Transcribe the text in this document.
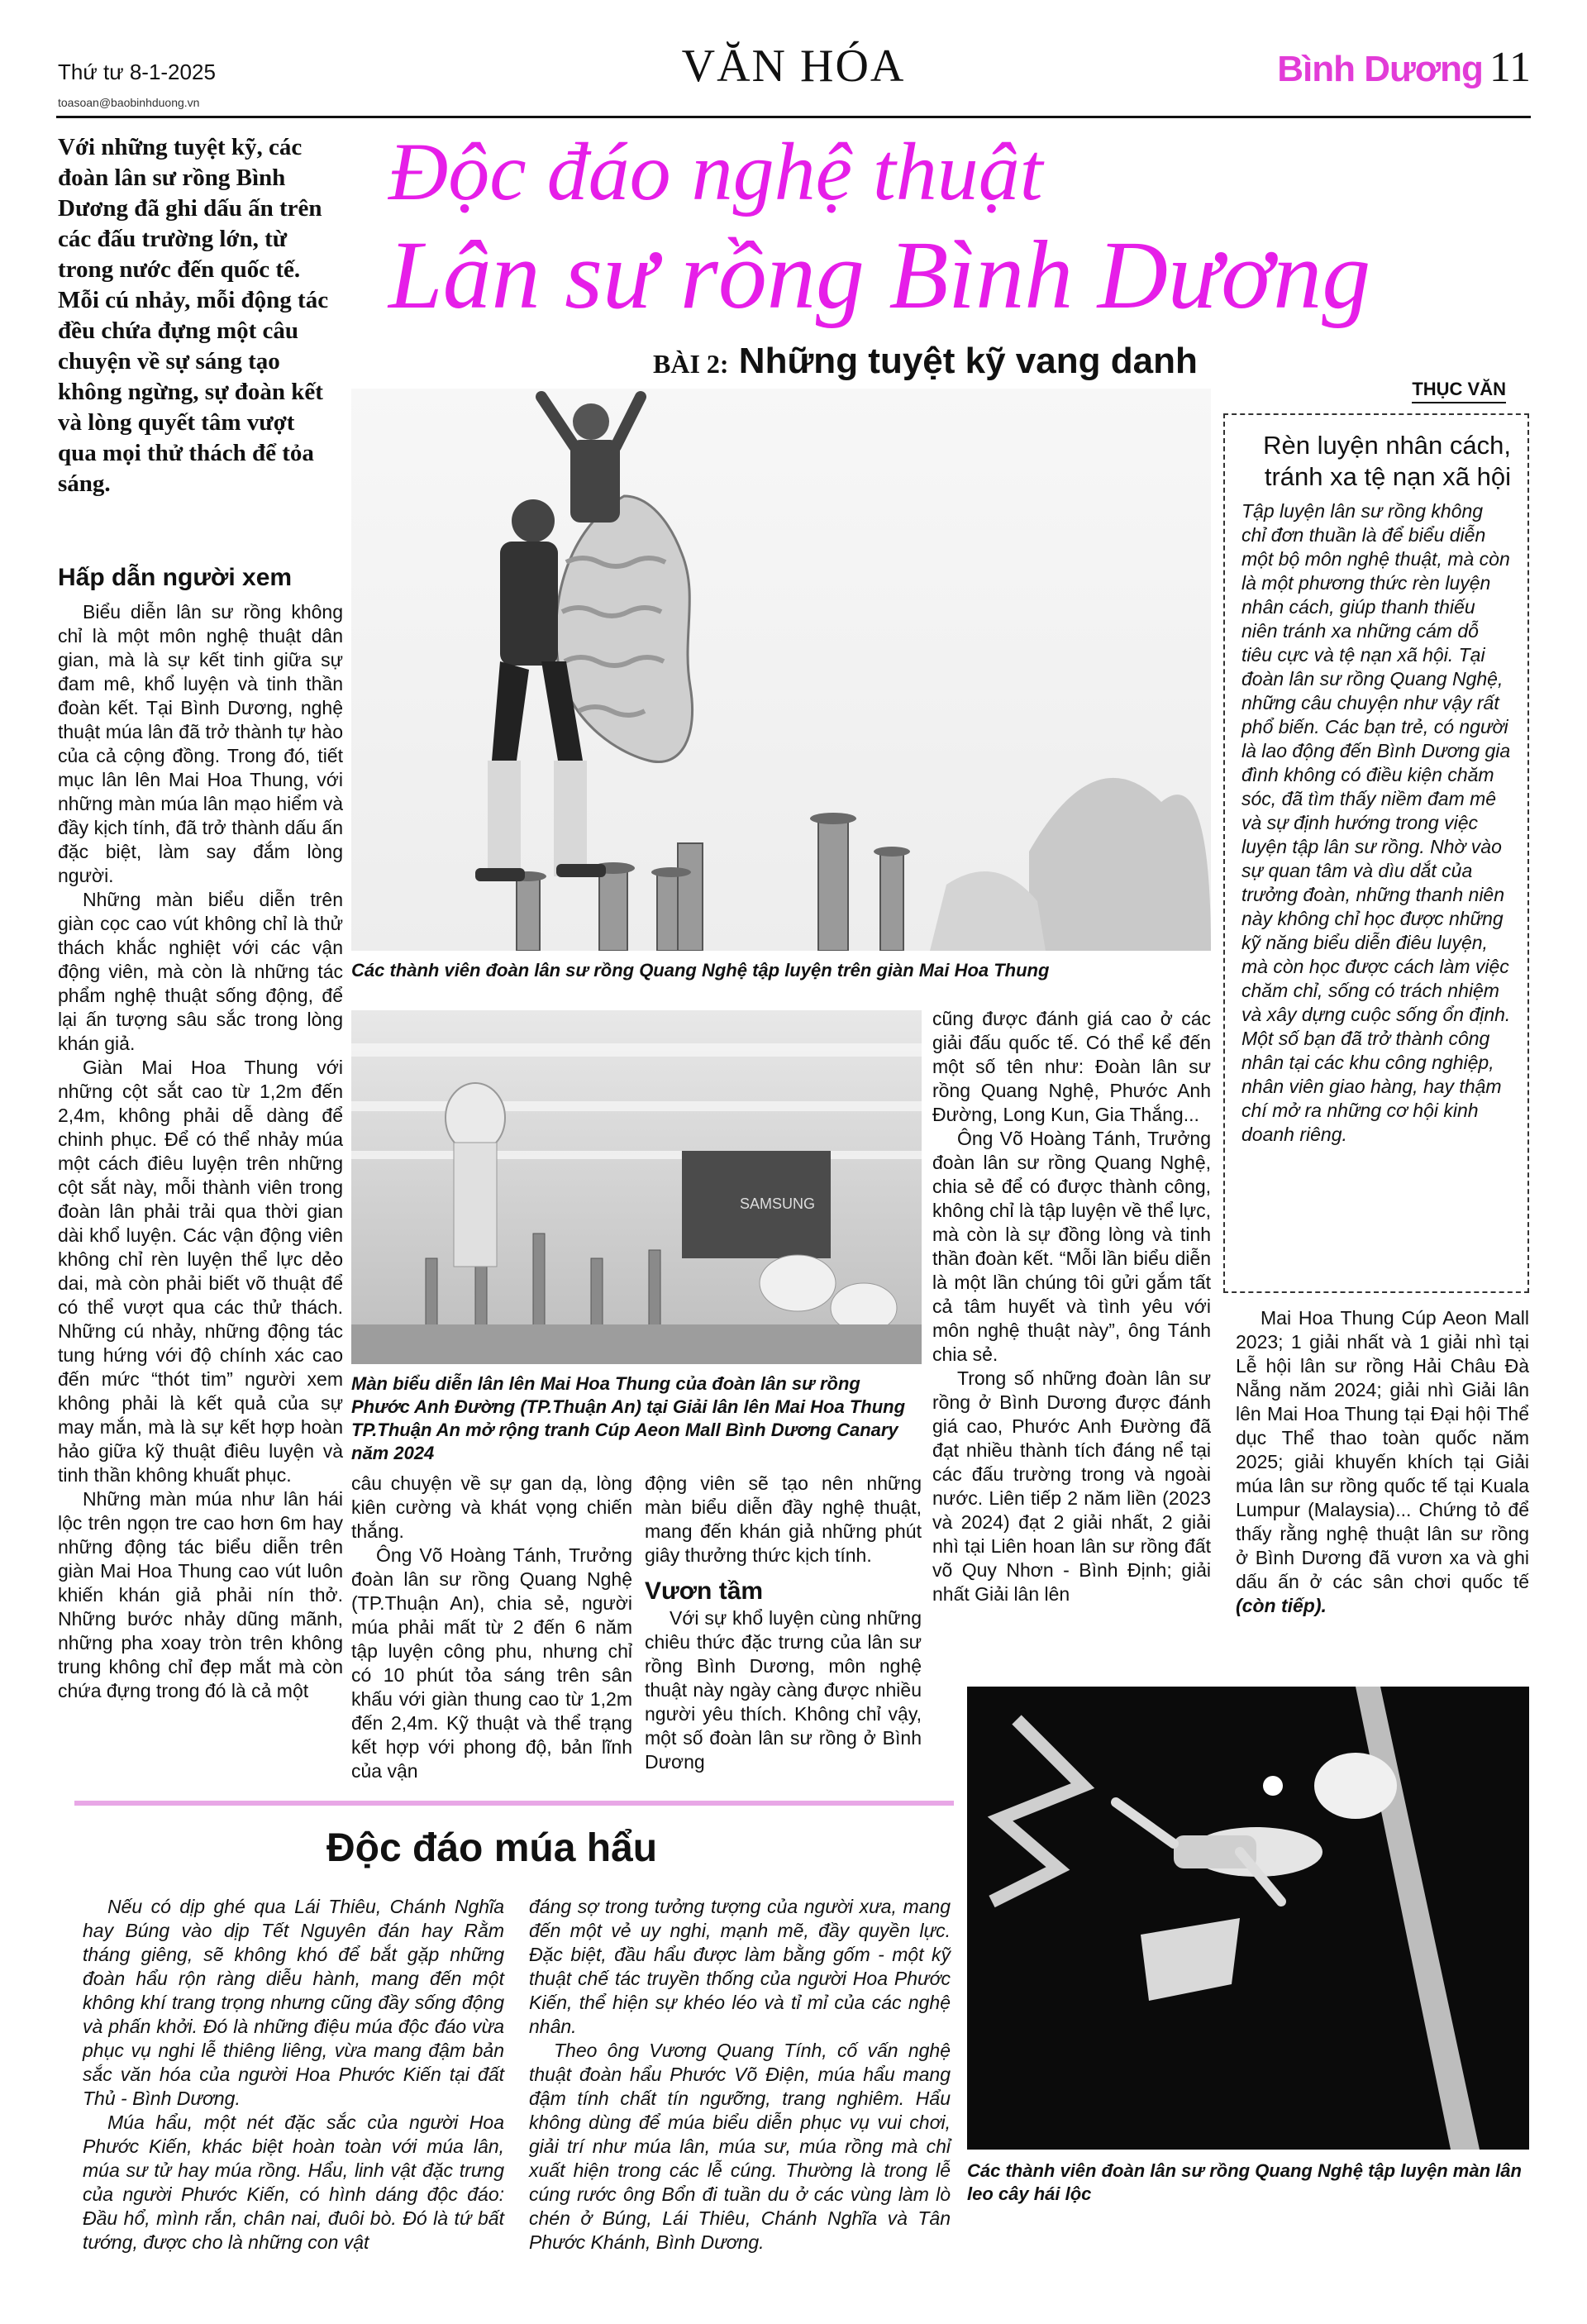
Thứ tư 8-1-2025
toasoan@baobinhduong.vn
VĂN HÓA	Bình Dương 11
Với những tuyệt kỹ, các đoàn lân sư rồng Bình Dương đã ghi dấu ấn trên các đấu trường lớn, từ trong nước đến quốc tế. Mỗi cú nhảy, mỗi động tác đều chứa đựng một câu chuyện về sự sáng tạo không ngừng, sự đoàn kết và lòng quyết tâm vượt qua mọi thử thách để tỏa sáng.
Độc đáo nghệ thuật
Lân sư rồng Bình Dương
BÀI 2: Những tuyệt kỹ vang danh
THỤC VĂN
Các thành viên đoàn lân sư rồng Quang Nghệ tập luyện trên giàn Mai Hoa Thung
Hấp dẫn người xem

Biểu diễn lân sư rồng không chỉ là một môn nghệ thuật dân gian, mà là sự kết tinh giữa sự đam mê, khổ luyện và tinh thần đoàn kết. Tại Bình Dương, nghệ thuật múa lân đã trở thành tự hào của cả cộng đồng. Trong đó, tiết mục lân lên Mai Hoa Thung, với những màn múa lân mạo hiểm và đầy kịch tính, đã trở thành dấu ấn đặc biệt, làm say đắm lòng người.

Những màn biểu diễn trên giàn cọc cao vút không chỉ là thử thách khắc nghiệt với các vận động viên, mà còn là những tác phẩm nghệ thuật sống động, để lại ấn tượng sâu sắc trong lòng khán giả.

Giàn Mai Hoa Thung với những cột sắt cao từ 1,2m đến 2,4m, không phải dễ dàng để chinh phục. Để có thể nhảy múa một cách điêu luyện trên những cột sắt này, mỗi thành viên trong đoàn lân phải trải qua thời gian dài khổ luyện. Các vận động viên không chỉ rèn luyện thể lực dẻo dai, mà còn phải biết võ thuật để có thể vượt qua các thử thách. Những cú nhảy, những động tác tung hứng với độ chính xác cao đến mức “thót tim” người xem không phải là kết quả của sự may mắn, mà là sự kết hợp hoàn hảo giữa kỹ thuật điêu luyện và tinh thần không khuất phục.

Những màn múa như lân hái lộc trên ngọn tre cao hơn 6m hay những động tác biểu diễn trên giàn Mai Hoa Thung cao vút luôn khiến khán giả phải nín thở. Những bước nhảy dũng mãnh, những pha xoay tròn trên không trung không chỉ đẹp mắt mà còn chứa đựng trong đó là cả một

SAMSUNG
Màn biểu diễn lân lên Mai Hoa Thung của đoàn lân sư rồng Phước Anh Đường (TP.Thuận An) tại Giải lân lên Mai Hoa Thung TP.Thuận An mở rộng tranh Cúp Aeon Mall Bình Dương Canary năm 2024

câu chuyện về sự gan dạ, lòng kiên cường và khát vọng chiến thắng.

Ông Võ Hoàng Tánh, Trưởng đoàn lân sư rồng Quang Nghệ (TP.Thuận An), chia sẻ, người múa phải mất từ 2 đến 6 năm tập luyện công phu, nhưng chỉ có 10 phút tỏa sáng trên sân khấu với giàn thung cao từ 1,2m đến 2,4m. Kỹ thuật và thể trạng kết hợp với phong độ, bản lĩnh của vận

động viên sẽ tạo nên những màn biểu diễn đầy nghệ thuật, mang đến khán giả những phút giây thưởng thức kịch tính.

Vươn tầm

Với sự khổ luyện cùng những chiêu thức đặc trưng của lân sư rồng Bình Dương, môn nghệ thuật này ngày càng được nhiều người yêu thích. Không chỉ vậy, một số đoàn lân sư rồng ở Bình Dương

cũng được đánh giá cao ở các giải đấu quốc tế. Có thể kể đến một số tên như: Đoàn lân sư rồng Quang Nghệ, Phước Anh Đường, Long Kun, Gia Thắng...

Ông Võ Hoàng Tánh, Trưởng đoàn lân sư rồng Quang Nghệ, chia sẻ để có được thành công, không chỉ là tập luyện về thể lực, mà còn là sự đồng lòng và tinh thần đoàn kết. “Mỗi lần biểu diễn là một lần chúng tôi gửi gắm tất cả tâm huyết và tình yêu với môn nghệ thuật này”, ông Tánh chia sẻ.

Trong số những đoàn lân sư rồng ở Bình Dương được đánh giá cao, Phước Anh Đường đã đạt nhiều thành tích đáng nể tại các đấu trường trong và ngoài nước. Liên tiếp 2 năm liền (2023 và 2024) đạt 2 giải nhất, 2 giải nhì tại Liên hoan lân sư rồng đất võ Quy Nhơn - Bình Định; giải nhất Giải lân lên

Rèn luyện nhân cách, tránh xa tệ nạn xã hội
Tập luyện lân sư rồng không chỉ đơn thuần là để biểu diễn một bộ môn nghệ thuật, mà còn là một phương thức rèn luyện nhân cách, giúp thanh thiếu niên tránh xa những cám dỗ tiêu cực và tệ nạn xã hội. Tại đoàn lân sư rồng Quang Nghệ, những câu chuyện như vậy rất phổ biến. Các bạn trẻ, có người là lao động đến Bình Dương gia đình không có điều kiện chăm sóc, đã tìm thấy niềm đam mê và sự định hướng trong việc luyện tập lân sư rồng. Nhờ vào sự quan tâm và dìu dắt của trưởng đoàn, những thanh niên này không chỉ học được những kỹ năng biểu diễn điêu luyện, mà còn học được cách làm việc chăm chỉ, sống có trách nhiệm và xây dựng cuộc sống ổn định. Một số bạn đã trở thành công nhân tại các khu công nghiệp, nhân viên giao hàng, hay thậm chí mở ra những cơ hội kinh doanh riêng.

Mai Hoa Thung Cúp Aeon Mall 2023; 1 giải nhất và 1 giải nhì tại Lễ hội lân sư rồng Hải Châu Đà Nẵng năm 2024; giải nhì Giải lân lên Mai Hoa Thung tại Đại hội Thể dục Thể thao toàn quốc năm 2025; giải khuyến khích tại Giải múa lân sư rồng quốc tế tại Kuala Lumpur (Malaysia)... Chứng tỏ để thấy rằng nghệ thuật lân sư rồng ở Bình Dương đã vươn xa và ghi dấu ấn ở các sân chơi quốc tế (còn tiếp).

Các thành viên đoàn lân sư rồng Quang Nghệ tập luyện màn lân leo cây hái lộc
Độc đáo múa hẩu

Nếu có dịp ghé qua Lái Thiêu, Chánh Nghĩa hay Búng vào dịp Tết Nguyên đán hay Rằm tháng giêng, sẽ không khó để bắt gặp những đoàn hẩu rộn ràng diễu hành, mang đến một không khí trang trọng nhưng cũng đầy sống động và phấn khởi. Đó là những điệu múa độc đáo vừa phục vụ nghi lễ thiêng liêng, vừa mang đậm bản sắc văn hóa của người Hoa Phước Kiến tại đất Thủ - Bình Dương.

Múa hẩu, một nét đặc sắc của người Hoa Phước Kiến, khác biệt hoàn toàn với múa lân, múa sư tử hay múa rồng. Hẩu, linh vật đặc trưng của người Phước Kiến, có hình dáng độc đáo: Đầu hổ, mình rắn, chân nai, đuôi bò. Đó là tứ bất tướng, được cho là những con vật

đáng sợ trong tưởng tượng của người xưa, mang đến một vẻ uy nghi, mạnh mẽ, đầy quyền lực. Đặc biệt, đầu hẩu được làm bằng gốm - một kỹ thuật chế tác truyền thống của người Hoa Phước Kiến, thể hiện sự khéo léo và tỉ mỉ của các nghệ nhân.

Theo ông Vương Quang Tính, cố vấn nghệ thuật đoàn hẩu Phước Võ Điện, múa hẩu mang đậm tính chất tín ngưỡng, trang nghiêm. Hẩu không dùng để múa biểu diễn phục vụ vui chơi, giải trí như múa lân, múa sư, múa rồng mà chỉ xuất hiện trong các lễ cúng. Thường là trong lễ cúng rước ông Bổn đi tuần du ở các vùng làm lò chén ở Búng, Lái Thiêu, Chánh Nghĩa và Tân Phước Khánh, Bình Dương.
